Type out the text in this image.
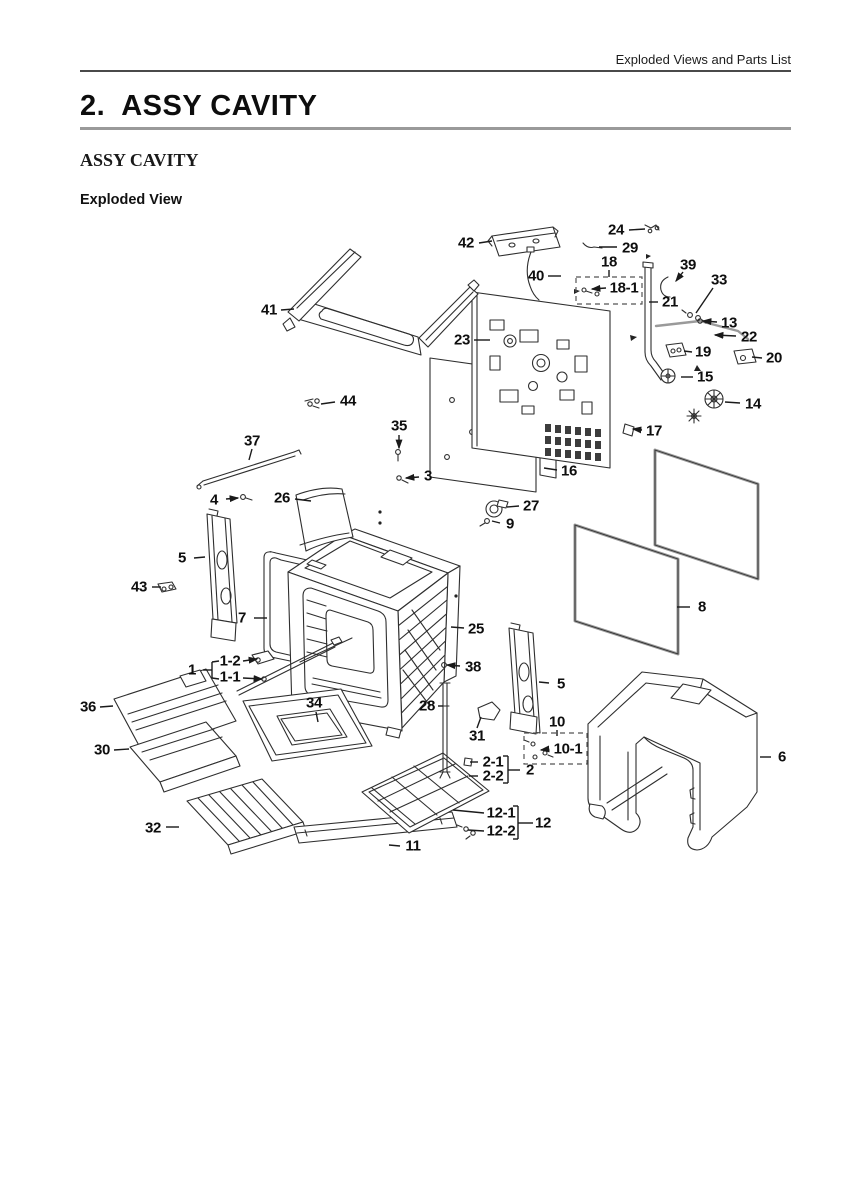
Exploded Views and Parts List
2.  ASSY CAVITY
ASSY CAVITY
Exploded View
42
24
29
18
18-1
40
21
39
33
13
22
23
19	20
15
14
17
41
44
35
37
3
4	26	27
9
16
8
5
43
7
25
38
5
1
1-2
1-1
36
30
34	28
31
10
10-1
2-1
2-2 2
12-1
12-2 12
11
32
6
